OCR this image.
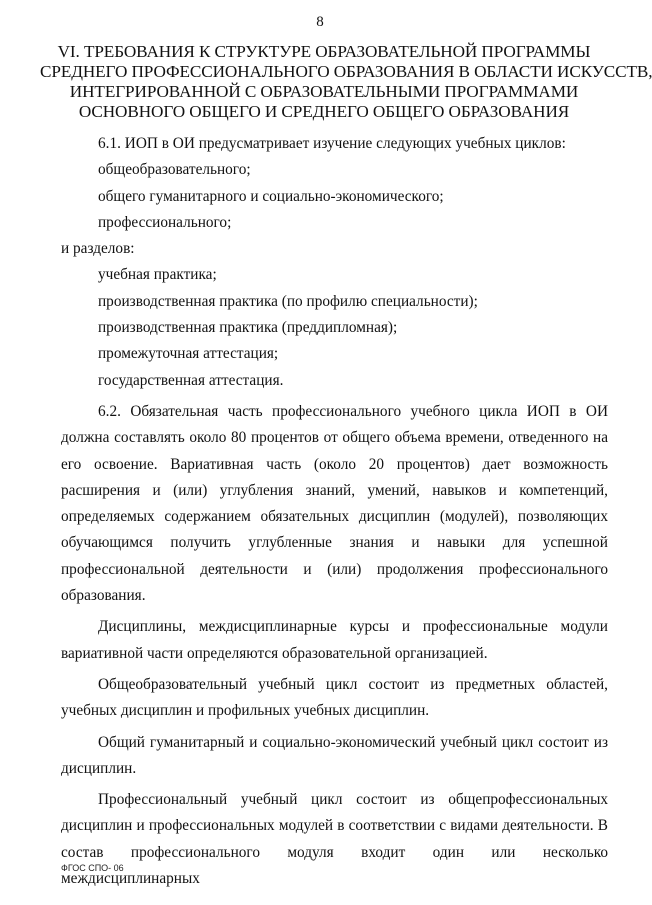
8
VI. ТРЕБОВАНИЯ К СТРУКТУРЕ ОБРАЗОВАТЕЛЬНОЙ ПРОГРАММЫ
СРЕДНЕГО ПРОФЕССИОНАЛЬНОГО ОБРАЗОВАНИЯ В ОБЛАСТИ ИСКУССТВ,
ИНТЕГРИРОВАННОЙ С ОБРАЗОВАТЕЛЬНЫМИ ПРОГРАММАМИ
ОСНОВНОГО ОБЩЕГО И СРЕДНЕГО ОБЩЕГО ОБРАЗОВАНИЯ
6.1. ИОП в ОИ предусматривает изучение следующих учебных циклов:
общеобразовательного;
общего гуманитарного и социально-экономического;
профессионального;
и разделов:
учебная практика;
производственная практика (по профилю специальности);
производственная практика (преддипломная);
промежуточная аттестация;
государственная аттестация.
6.2. Обязательная часть профессионального учебного цикла ИОП в ОИ
должна составлять около 80 процентов от общего объема времени, отведенного на
его освоение. Вариативная часть (около 20 процентов) дает возможность
расширения и (или) углубления знаний, умений, навыков и компетенций,
определяемых содержанием обязательных дисциплин (модулей), позволяющих
обучающимся получить углубленные знания и навыки для успешной
профессиональной деятельности и (или) продолжения профессионального
образования.
Дисциплины, междисциплинарные курсы и профессиональные модули
вариативной части определяются образовательной организацией.
Общеобразовательный учебный цикл состоит из предметных областей,
учебных дисциплин и профильных учебных дисциплин.
Общий гуманитарный и социально-экономический учебный цикл состоит из
дисциплин.
Профессиональный учебный цикл состоит из общепрофессиональных
дисциплин и профессиональных модулей в соответствии с видами деятельности. В
состав профессионального модуля входит один или несколько междисциплинарных
ФГОС СПО- 06
